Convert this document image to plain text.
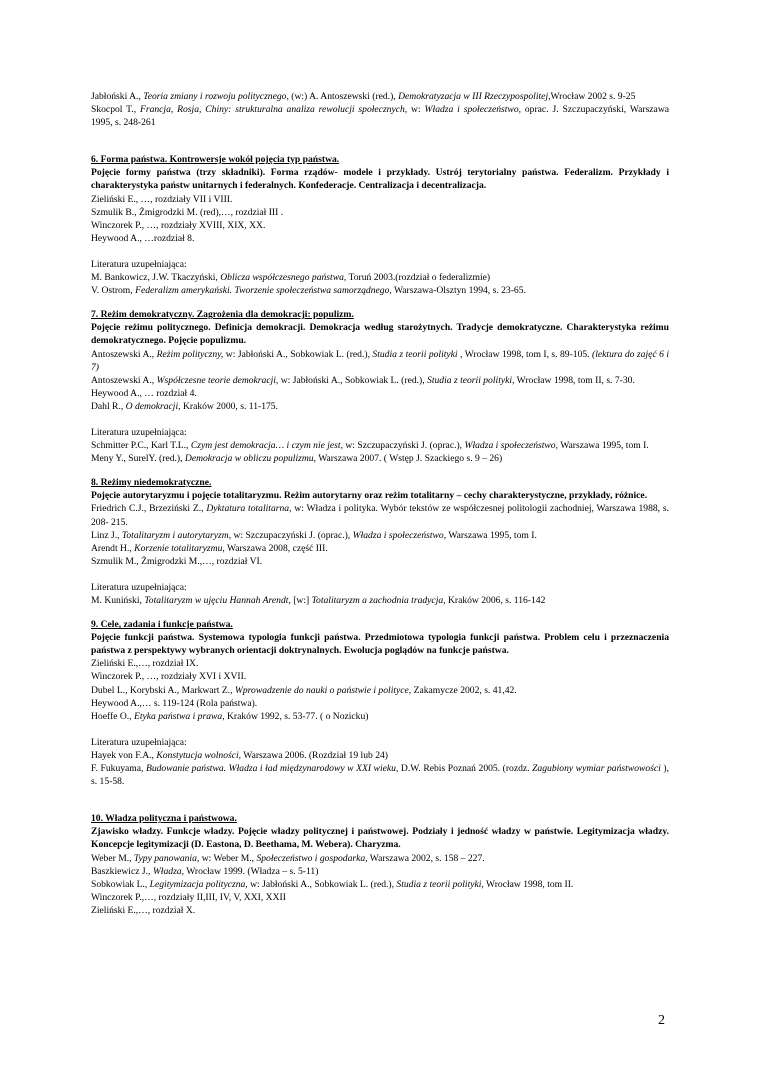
Jabłoński A., Teoria zmiany i rozwoju politycznego, (w:) A. Antoszewski (red.), Demokratyzacja w III Rzeczypospolitej,Wrocław 2002 s. 9-25
Skocpol T., Francja, Rosja, Chiny: strukturalna analiza rewolucji społecznych, w: Władza i społeczeństwo, oprac. J. Szczupaczyński, Warszawa 1995, s. 248-261
6. Forma państwa. Kontrowersje wokół pojęcia typ państwa.
Pojęcie formy państwa (trzy składniki). Forma rządów- modele i przykłady. Ustrój terytorialny państwa. Federalizm. Przykłady i charakterystyka państw unitarnych i federalnych. Konfederacje. Centralizacja i decentralizacja.
Zieliński E., …, rozdziały VII i VIII.
Szmulik B., Żmigrodzki M. (red),…, rozdział III .
Winczorek P., …, rozdziały XVIII, XIX, XX.
Heywood A., …rozdział 8.
Literatura uzupełniająca:
M. Bankowicz, J.W. Tkaczyński, Oblicza współczesnego państwa, Toruń 2003.(rozdział o federalizmie)
V. Ostrom, Federalizm amerykański. Tworzenie społeczeństwa samorządnego, Warszawa-Olsztyn 1994, s. 23-65.
7. Reżim demokratyczny. Zagrożenia dla demokracji: populizm.
Pojęcie reżimu politycznego. Definicja demokracji. Demokracja według starożytnych. Tradycje demokratyczne. Charakterystyka reżimu demokratycznego. Pojęcie populizmu.
Antoszewski A., Reżim polityczny, w: Jabłoński A., Sobkowiak L. (red.), Studia z teorii polityki , Wrocław 1998, tom I, s. 89-105. (lektura do zajęć 6 i 7)
Antoszewski A., Współczesne teorie demokracji, w: Jabłoński A., Sobkowiak L. (red.), Studia z teorii polityki, Wrocław 1998, tom II, s. 7-30.
Heywood A., … rozdział 4.
Dahl R., O demokracji, Kraków 2000, s. 11-175.
Literatura uzupełniająca:
Schmitter P.C., Karl T.L., Czym jest demokracja… i czym nie jest, w: Szczupaczyński J. (oprac.), Władza i społeczeństwo, Warszawa 1995, tom I.
Meny Y., SurelY. (red.), Demokracja w obliczu populizmu, Warszawa 2007. ( Wstęp J. Szackiego s. 9 – 26)
8. Reżimy niedemokratyczne.
Pojęcie autorytaryzmu i pojęcie totalitaryzmu. Reżim autorytarny oraz reżim totalitarny – cechy charakterystyczne, przykłady, różnice.
Friedrich C.J., Brzeziński Z., Dyktatura totalitarna, w: Władza i polityka. Wybór tekstów ze współczesnej politologii zachodniej, Warszawa 1988, s. 208- 215.
Linz J., Totalitaryzm i autorytaryzm, w: Szczupaczyński J. (oprac.), Władza i społeczeństwo, Warszawa 1995, tom I.
Arendt H., Korzenie totalitaryzmu, Warszawa 2008, część III.
Szmulik M., Żmigrodzki M.,…, rozdział VI.
Literatura uzupełniająca:
M. Kuniński, Totalitaryzm w ujęciu Hannah Arendt, [w:] Totalitaryzm a zachodnia tradycja, Kraków 2006, s. 116-142
9. Cele, zadania i funkcje państwa.
Pojęcie funkcji państwa. Systemowa typologia funkcji państwa. Przedmiotowa typologia funkcji państwa. Problem celu i przeznaczenia państwa z perspektywy wybranych orientacji doktrynalnych. Ewolucja poglądów na funkcje państwa.
Zieliński E.,…, rozdział IX.
Winczorek P., …, rozdziały XVI i XVII.
Dubel L., Korybski A., Markwart Z., Wprowadzenie do nauki o państwie i polityce, Zakamycze 2002, s. 41,42.
Heywood A.,… s. 119-124 (Rola państwa).
Hoeffe O., Etyka państwa i prawa, Kraków 1992, s. 53-77. ( o Nozicku)
Literatura uzupełniająca:
Hayek von F.A., Konstytucja wolności, Warszawa 2006. (Rozdział 19 lub 24)
F. Fukuyama, Budowanie państwa. Władza i ład międzynarodowy w XXI wieku, D.W. Rebis Poznań 2005. (rozdz. Zagubiony wymiar państwowości ), s. 15-58.
10. Władza polityczna i państwowa.
Zjawisko władzy. Funkcje władzy. Pojęcie władzy politycznej i państwowej. Podziały i jedność władzy w państwie. Legitymizacja władzy. Koncepcje legitymizacji (D. Eastona, D. Beethama, M. Webera). Charyzma.
Weber M., Typy panowania, w: Weber M., Społeczeństwo i gospodarka, Warszawa 2002, s. 158 – 227.
Baszkiewicz J., Władza, Wrocław 1999. (Władza – s. 5-11)
Sobkowiak L., Legitymizacja polityczna, w: Jabłoński A., Sobkowiak L. (red.), Studia z teorii polityki, Wrocław 1998, tom II.
Winczorek P.,…, rozdziały II,III, IV, V, XXI, XXII
Zieliński E.,…, rozdział X.
2
